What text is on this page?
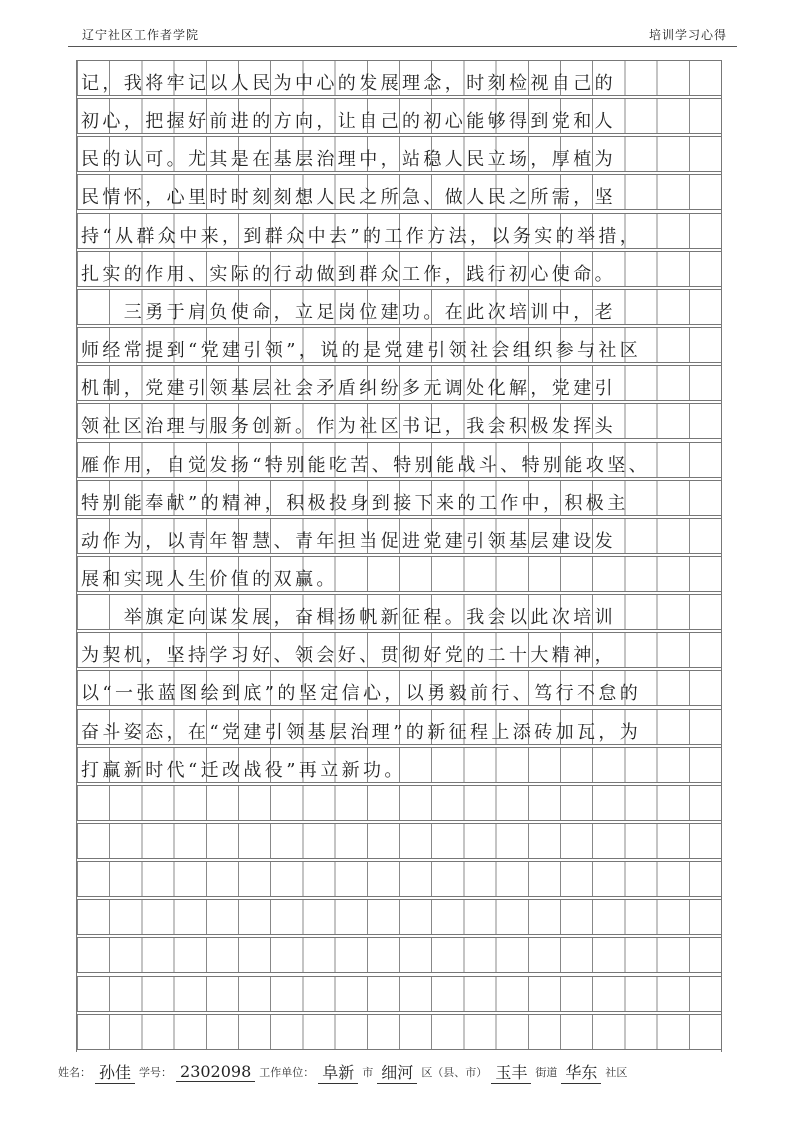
辽宁社区工作者学院	培训学习心得
记，我将牢记以人民为中心的发展理念，时刻检视自己的
初心，把握好前进的方向，让自己的初心能够得到党和人
民的认可。尤其是在基层治理中，站稳人民立场，厚植为
民情怀，心里时时刻刻想人民之所急、做人民之所需，坚
持“从群众中来，到群众中去”的工作方法，以务实的举措，
扎实的作用、实际的行动做到群众工作，践行初心使命。
　　三勇于肩负使命，立足岗位建功。在此次培训中，老
师经常提到“党建引领”，说的是党建引领社会组织参与社区
机制，党建引领基层社会矛盾纠纷多元调处化解，党建引
领社区治理与服务创新。作为社区书记，我会积极发挥头
雁作用，自觉发扬“特别能吃苦、特别能战斗、特别能攻坚、
特别能奉献”的精神，积极投身到接下来的工作中，积极主
动作为，以青年智慧、青年担当促进党建引领基层建设发
展和实现人生价值的双赢。
　　举旗定向谋发展，奋楫扬帆新征程。我会以此次培训
为契机，坚持学习好、领会好、贯彻好党的二十大精神，
以“一张蓝图绘到底”的坚定信心，以勇毅前行、笃行不怠的
奋斗姿态，在“党建引领基层治理”的新征程上添砖加瓦，为
打赢新时代“迁改战役”再立新功。
姓名： 孙佳 学号： 2302098 工作单位： 阜新 市 细河 区（县、市） 玉丰 街道 华东 社区
